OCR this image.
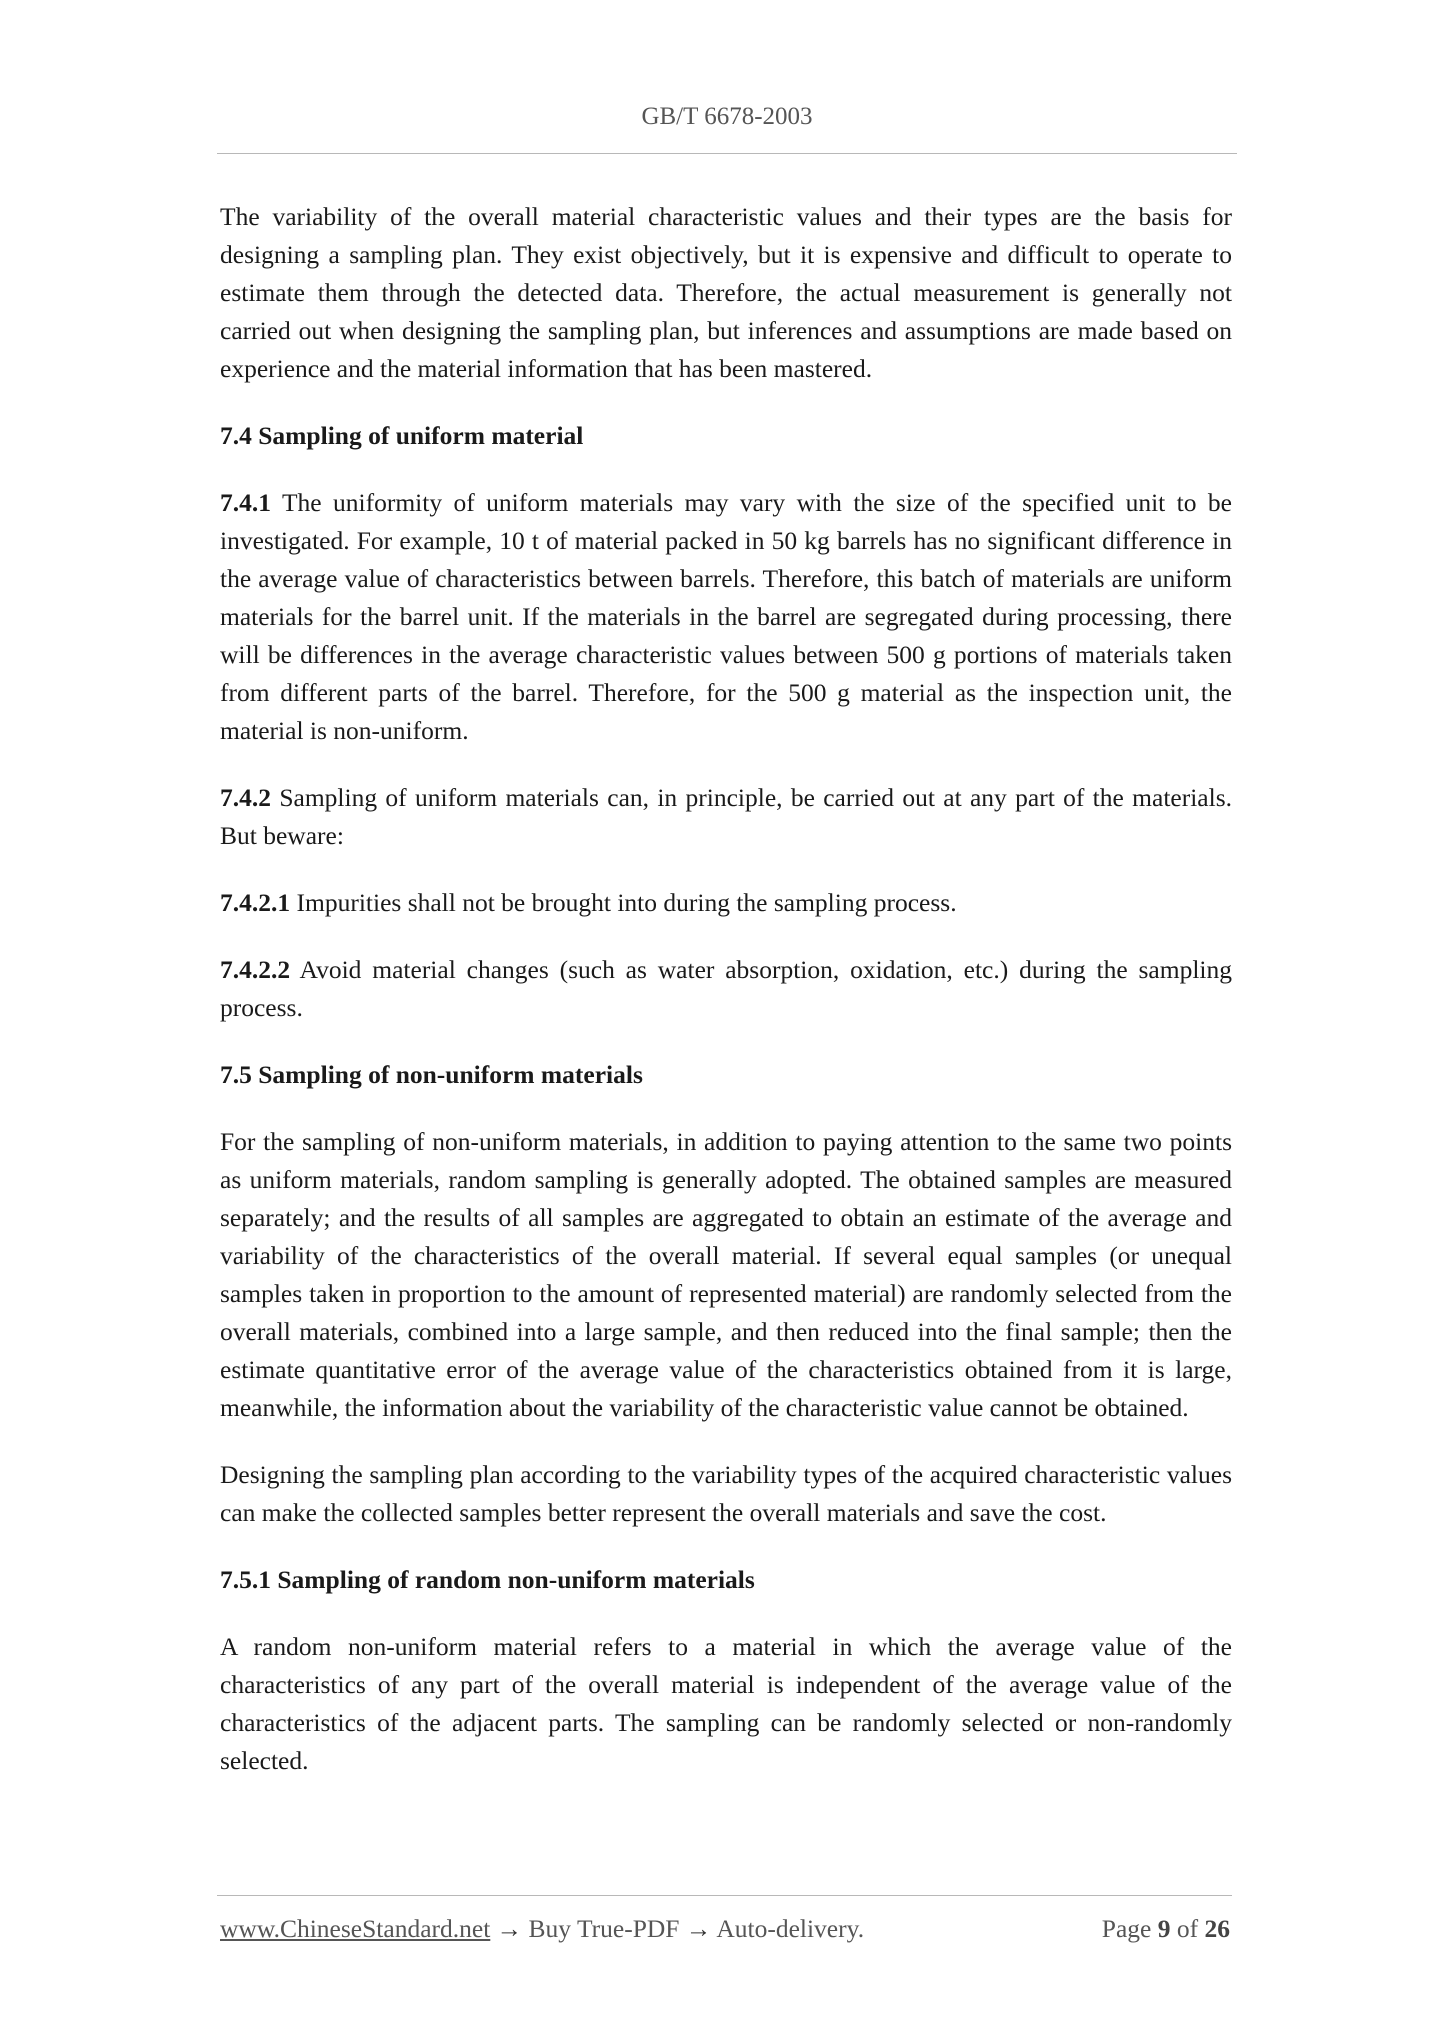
GB/T 6678-2003

The variability of the overall material characteristic values and their types are the basis for designing a sampling plan. They exist objectively, but it is expensive and difficult to operate to estimate them through the detected data. Therefore, the actual measurement is generally not carried out when designing the sampling plan, but inferences and assumptions are made based on experience and the material information that has been mastered.

7.4 Sampling of uniform material

7.4.1 The uniformity of uniform materials may vary with the size of the specified unit to be investigated. For example, 10 t of material packed in 50 kg barrels has no significant difference in the average value of characteristics between barrels. Therefore, this batch of materials are uniform materials for the barrel unit. If the materials in the barrel are segregated during processing, there will be differences in the average characteristic values between 500 g portions of materials taken from different parts of the barrel. Therefore, for the 500 g material as the inspection unit, the material is non-uniform.

7.4.2 Sampling of uniform materials can, in principle, be carried out at any part of the materials. But beware:

7.4.2.1 Impurities shall not be brought into during the sampling process.

7.4.2.2 Avoid material changes (such as water absorption, oxidation, etc.) during the sampling process.

7.5 Sampling of non-uniform materials

For the sampling of non-uniform materials, in addition to paying attention to the same two points as uniform materials, random sampling is generally adopted. The obtained samples are measured separately; and the results of all samples are aggregated to obtain an estimate of the average and variability of the characteristics of the overall material. If several equal samples (or unequal samples taken in proportion to the amount of represented material) are randomly selected from the overall materials, combined into a large sample, and then reduced into the final sample; then the estimate quantitative error of the average value of the characteristics obtained from it is large, meanwhile, the information about the variability of the characteristic value cannot be obtained.

Designing the sampling plan according to the variability types of the acquired characteristic values can make the collected samples better represent the overall materials and save the cost.

7.5.1 Sampling of random non-uniform materials

A random non-uniform material refers to a material in which the average value of the characteristics of any part of the overall material is independent of the average value of the characteristics of the adjacent parts. The sampling can be randomly selected or non-randomly selected.

www.ChineseStandard.net → Buy True-PDF → Auto-delivery.	Page 9 of 26
